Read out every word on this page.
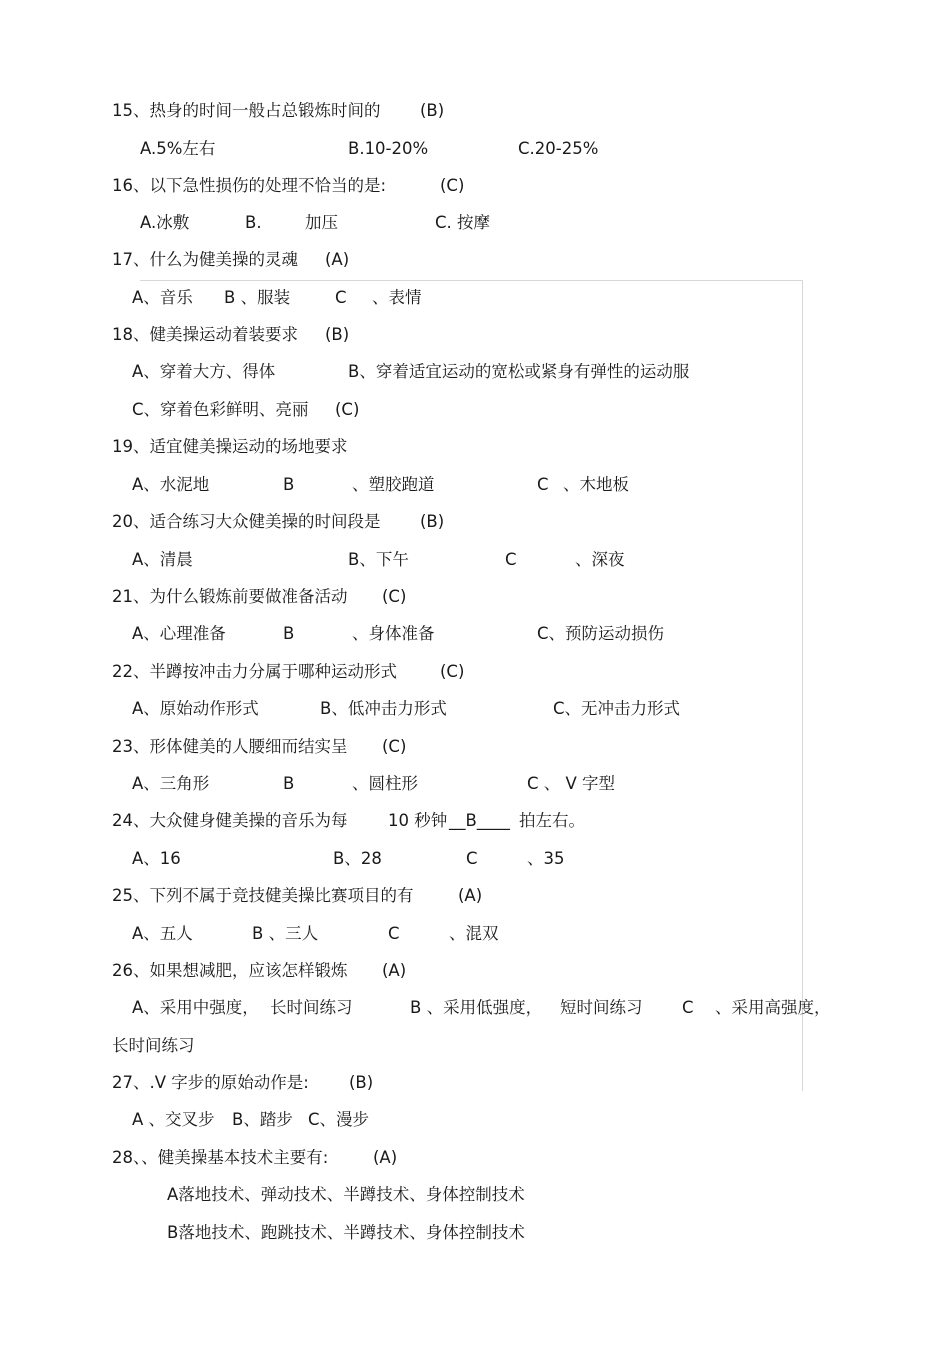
15、热身的时间一般占总锻炼时间的 (B)
A.5%左右	B.10-20%	C.20-25%
16、以下急性损伤的处理不恰当的是:	(C)
A.冰敷	B.	加压	C. 按摩
17、什么为健美操的灵魂 (A)
A、音乐 B 、服装	C 、表情
18、健美操运动着装要求 (B)
A、穿着大方、得体	B、穿着适宜运动的宽松或紧身有弹性的运动服
C、穿着色彩鲜明、亮丽 (C)
19、适宜健美操运动的场地要求
A、水泥地	B	、塑胶跑道	C 、木地板
20、适合练习大众健美操的时间段是 (B)
A、清晨	B、下午	C	、深夜
21、为什么锻炼前要做准备活动 (C)
A、心理准备	B	、身体准备	C、预防运动损伤
22、半蹲按冲击力分属于哪种运动形式	(C)
A、原始动作形式	B、低冲击力形式	C、无冲击力形式
23、形体健美的人腰细而结实呈 (C)
A、三角形	B	、圆柱形	C 、 V 字型
24、大众健身健美操的音乐为每 10 秒钟 __B____ 拍左右。
A、16	B、28	C	、35
25、下列不属于竞技健美操比赛项目的有	(A)
A、五人	B 、三人	C	、混双
26、如果想减肥，应该怎样锻炼 (A)
A、采用中强度， 长时间练习	B 、采用低强度， 短时间练习 C 、采用高强度，
长时间练习
27、.V 字步的原始动作是: (B)
A 、交叉步 B、踏步 C、漫步
28、、健美操基本技术主要有:	(A)
A落地技术、弹动技术、半蹲技术、身体控制技术
B落地技术、跑跳技术、半蹲技术、身体控制技术
